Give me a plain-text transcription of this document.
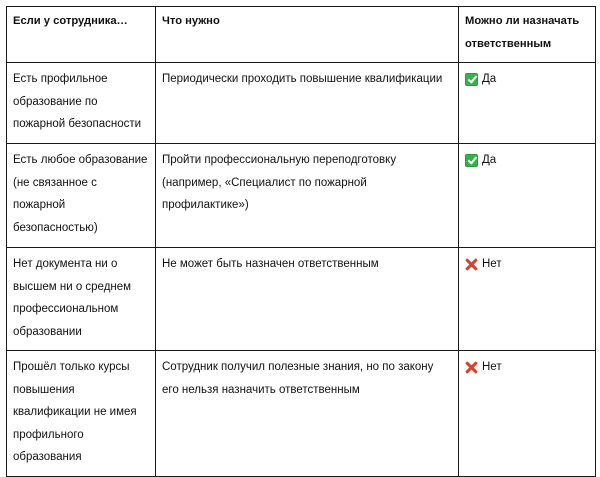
Если у сотрудника…	Что нужно	Можно ли назначать ответственным
Есть профильное образование по пожарной безопасности	Периодически проходить повышение квалификации	Да

Есть любое образование (не связанное с пожарной безопасностью)	Пройти профессиональную переподготовку (например, «Специалист по пожарной профилактике»)	Да

Нет документа ни о высшем ни о среднем профессиональном образовании	Не может быть назначен ответственным	Нет

Прошёл только курсы повышения квалификации не имея профильного образования	Сотрудник получил полезные знания, но по закону его нельзя назначить ответственным	Нет
